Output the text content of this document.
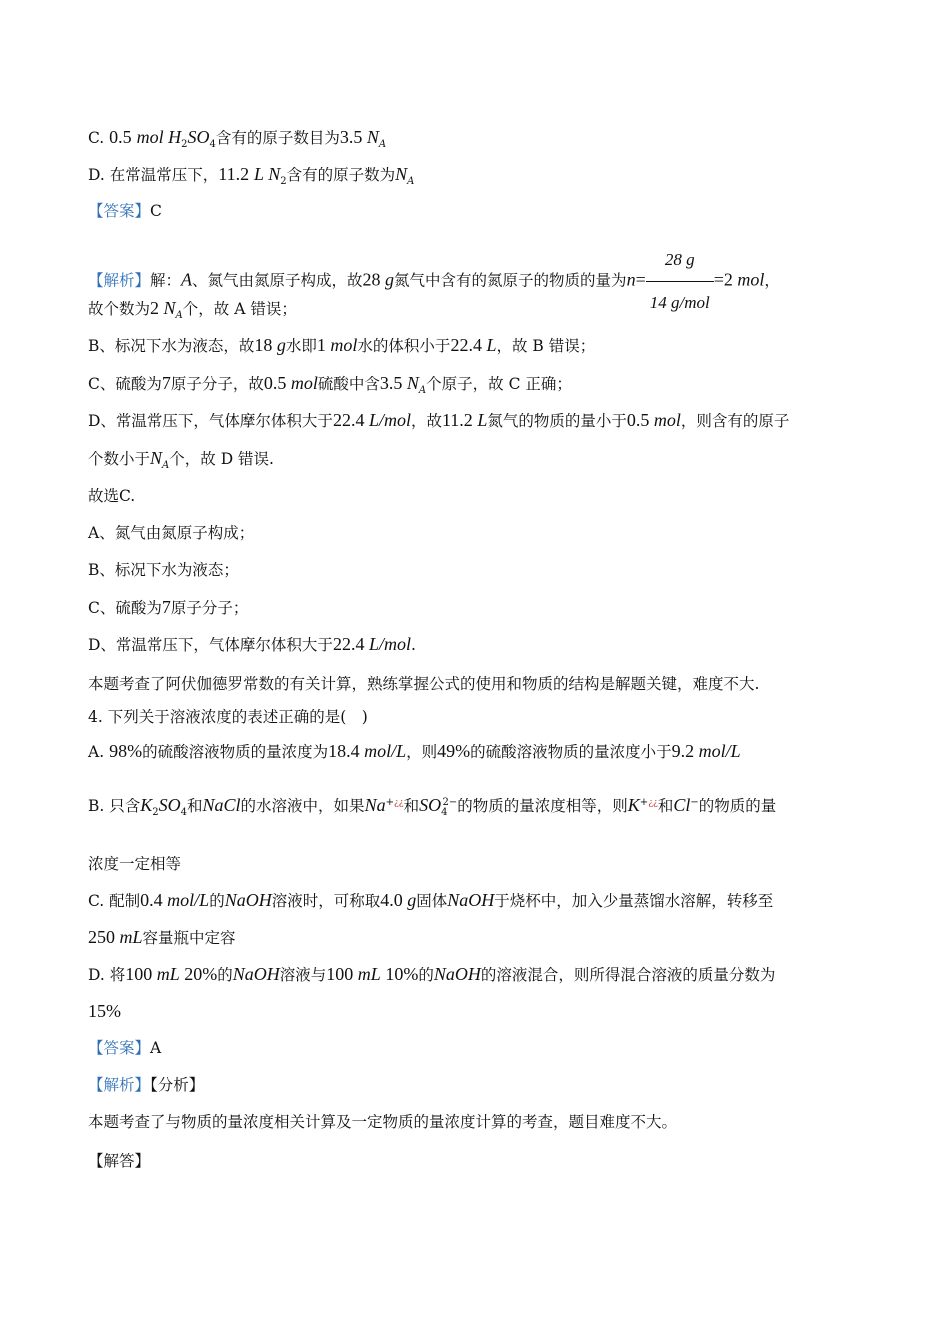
C. 0.5 mol $H_2SO_4$含有的原子数目为3.5 $N_A$
D. 在常温常压下，11.2 L $N_2$含有的原子数为$N_A$
【答案】C
【解析】解：A、氮气由氮原子构成，故28 g氮气中含有的氮原子的物质的量为$n= \frac{28 g}{\text{14 g/mol}} =2$ mol，
故个数为2 $N_A$个，故 A 错误；
B、标况下水为液态，故18 g水即1 mol水的体积小于22.4 L，故 B 错误；
C、硫酸为7原子分子，故0.5 mol硫酸中含3.5 $N_A$个原子，故 C 正确；
D、常温常压下，气体摩尔体积大于22.4 L/mol，故11.2 L氮气的物质的量小于0.5 mol，则含有的原子
个数小于$N_A$个，故 D 错误.
故选C.
A、氮气由氮原子构成；
B、标况下水为液态；
C、硫酸为7原子分子；
D、常温常压下，气体摩尔体积大于22.4 L/mol.
本题考查了阿伏伽德罗常数的有关计算，熟练掌握公式的使用和物质的结构是解题关键，难度不大.
4. 下列关于溶液浓度的表述正确的是(　)
A. 98%的硫酸溶液物质的量浓度为18.4 mol/L，则49%的硫酸溶液物质的量浓度小于9.2 mol/L
B. 只含$K_2SO_4$和NaCl的水溶液中，如果Na+¿¿和$SO_4^{2-}$的物质的量浓度相等，则K+¿¿和Cl−的物质的量
浓度一定相等
C. 配制0.4 mol/L的NaOH溶液时，可称取4.0 g固体NaOH于烧杯中，加入少量蒸馏水溶解，转移至
250 mL容量瓶中定容
D. 将100 mL 20%的NaOH溶液与100 mL 10%的NaOH的溶液混合，则所得混合溶液的质量分数为
15%
【答案】A
【解析】【分析】
本题考查了与物质的量浓度相关计算及一定物质的量浓度计算的考查，题目难度不大。
【解答】
